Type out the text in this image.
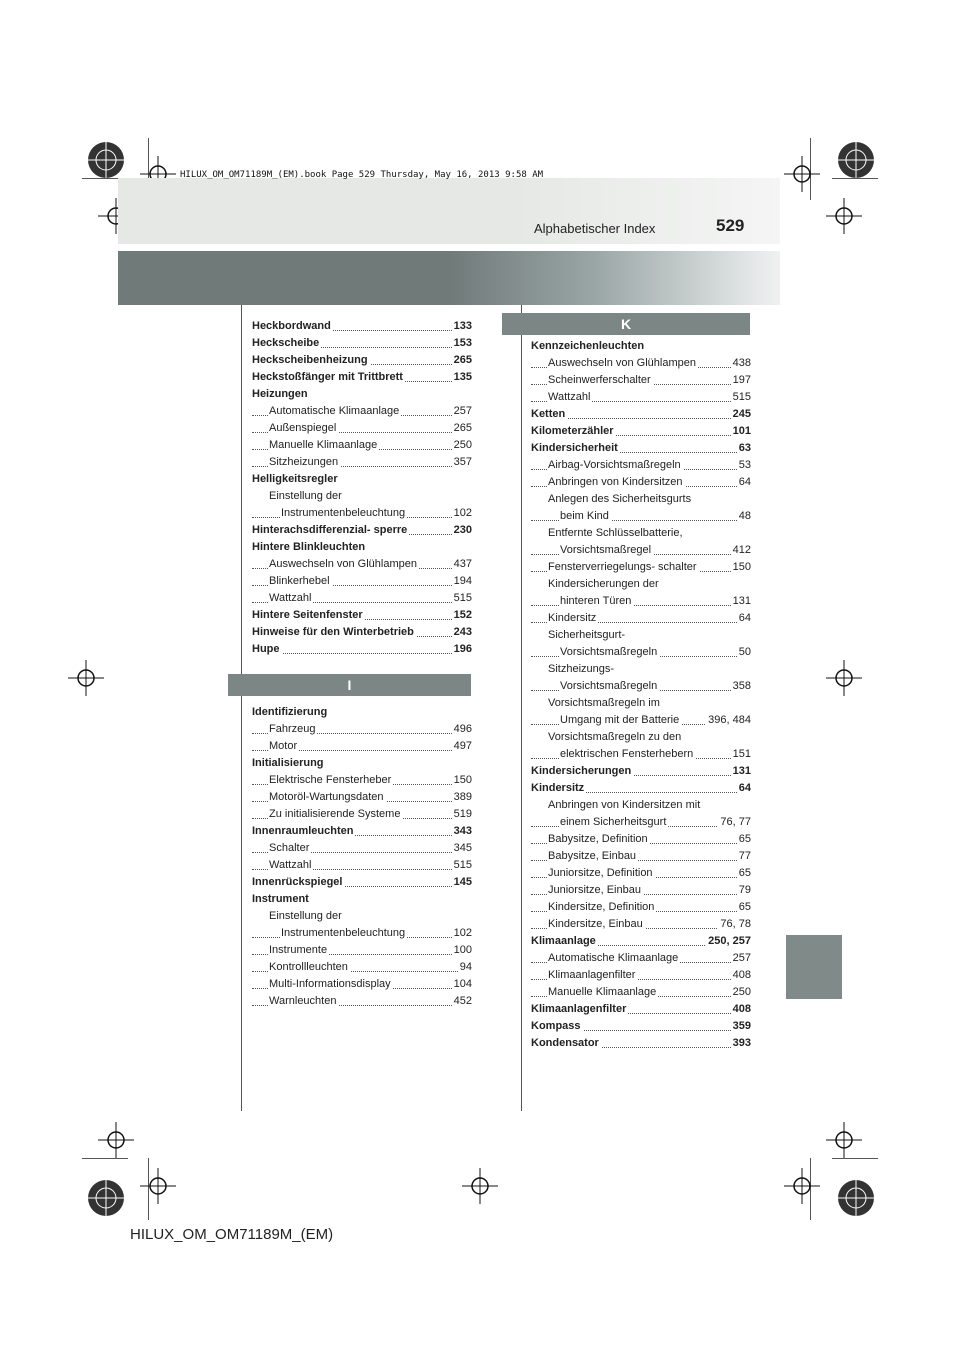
HILUX_OM_OM71189M_(EM).book Page 529 Thursday, May 16, 2013 9:58 AM
Alphabetischer Index	529
Heckbordwand	133
Heckscheibe	153
Heckscheibenheizung	265
Heckstoßfänger mit Trittbrett	135
Heizungen
Automatische Klimaanlage	257
Außenspiegel	265
Manuelle Klimaanlage	250
Sitzheizungen	357
Helligkeitsregler
Einstellung der
Instrumentenbeleuchtung	102
Hinterachsdifferenzial- sperre	230
Hintere Blinkleuchten
Auswechseln von Glühlampen	437
Blinkerhebel	194
Wattzahl	515
Hintere Seitenfenster	152
Hinweise für den Winterbetrieb	243
Hupe	196
I
Identifizierung
Fahrzeug	496
Motor	497
Initialisierung
Elektrische Fensterheber	150
Motoröl-Wartungsdaten	389
Zu initialisierende Systeme	519
Innenraumleuchten	343
Schalter	345
Wattzahl	515
Innenrückspiegel	145
Instrument
Einstellung der
Instrumentenbeleuchtung	102
Instrumente	100
Kontrollleuchten	94
Multi-Informationsdisplay	104
Warnleuchten	452
K
Kennzeichenleuchten
Auswechseln von Glühlampen	438
Scheinwerferschalter	197
Wattzahl	515
Ketten	245
Kilometerzähler	101
Kindersicherheit	63
Airbag-Vorsichtsmaßregeln	53
Anbringen von Kindersitzen	64
Anlegen des Sicherheitsgurts
beim Kind	48
Entfernte Schlüsselbatterie,
Vorsichtsmaßregel	412
Fensterverriegelungs- schalter	150
Kindersicherungen der
hinteren Türen	131
Kindersitz	64
Sicherheitsgurt-
Vorsichtsmaßregeln	50
Sitzheizungs-
Vorsichtsmaßregeln	358
Vorsichtsmaßregeln im
Umgang mit der Batterie	396, 484
Vorsichtsmaßregeln zu den
elektrischen Fensterhebern	151
Kindersicherungen	131
Kindersitz	64
Anbringen von Kindersitzen mit
einem Sicherheitsgurt	76, 77
Babysitze, Definition	65
Babysitze, Einbau	77
Juniorsitze, Definition	65
Juniorsitze, Einbau	79
Kindersitze, Definition	65
Kindersitze, Einbau	76, 78
Klimaanlage	250, 257
Automatische Klimaanlage	257
Klimaanlagenfilter	408
Manuelle Klimaanlage	250
Klimaanlagenfilter	408
Kompass	359
Kondensator	393
HILUX_OM_OM71189M_(EM)
